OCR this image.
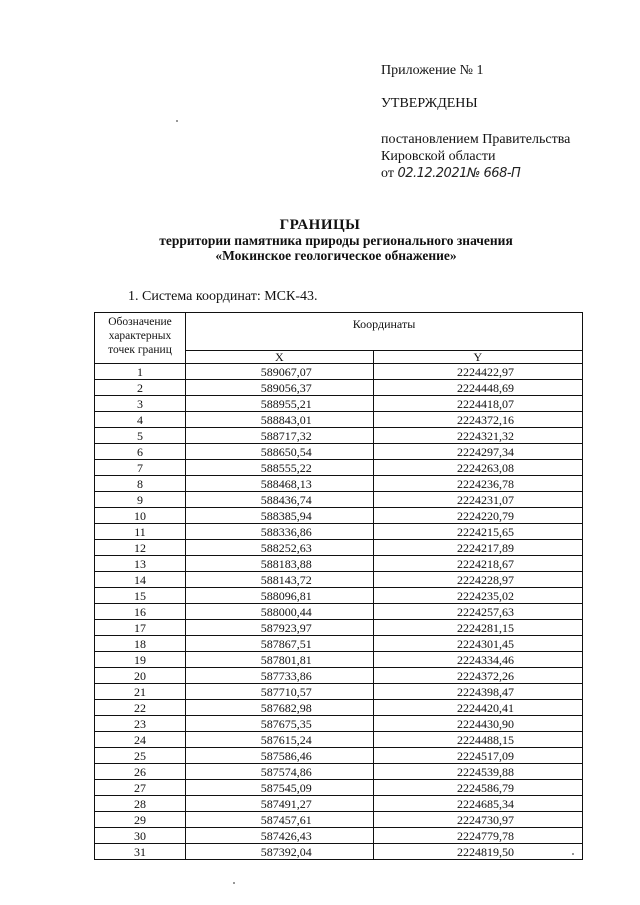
Приложение № 1
УТВЕРЖДЕНЫ
постановлением Правительства
Кировской области
от 02.12.2021№ 668-П
ГРАНИЦЫ
территории памятника природы регионального значения
«Мокинское геологическое обнажение»
1. Система координат: МСК-43.
Обозначение характерных точек границ	Координаты	
	X	Y
1	589067,07	2224422,97
2	589056,37	2224448,69
3	588955,21	2224418,07
4	588843,01	2224372,16
5	588717,32	2224321,32
6	588650,54	2224297,34
7	588555,22	2224263,08
8	588468,13	2224236,78
9	588436,74	2224231,07
10	588385,94	2224220,79
11	588336,86	2224215,65
12	588252,63	2224217,89
13	588183,88	2224218,67
14	588143,72	2224228,97
15	588096,81	2224235,02
16	588000,44	2224257,63
17	587923,97	2224281,15
18	587867,51	2224301,45
19	587801,81	2224334,46
20	587733,86	2224372,26
21	587710,57	2224398,47
22	587682,98	2224420,41
23	587675,35	2224430,90
24	587615,24	2224488,15
25	587586,46	2224517,09
26	587574,86	2224539,88
27	587545,09	2224586,79
28	587491,27	2224685,34
29	587457,61	2224730,97
30	587426,43	2224779,78
31	587392,04	2224819,50
